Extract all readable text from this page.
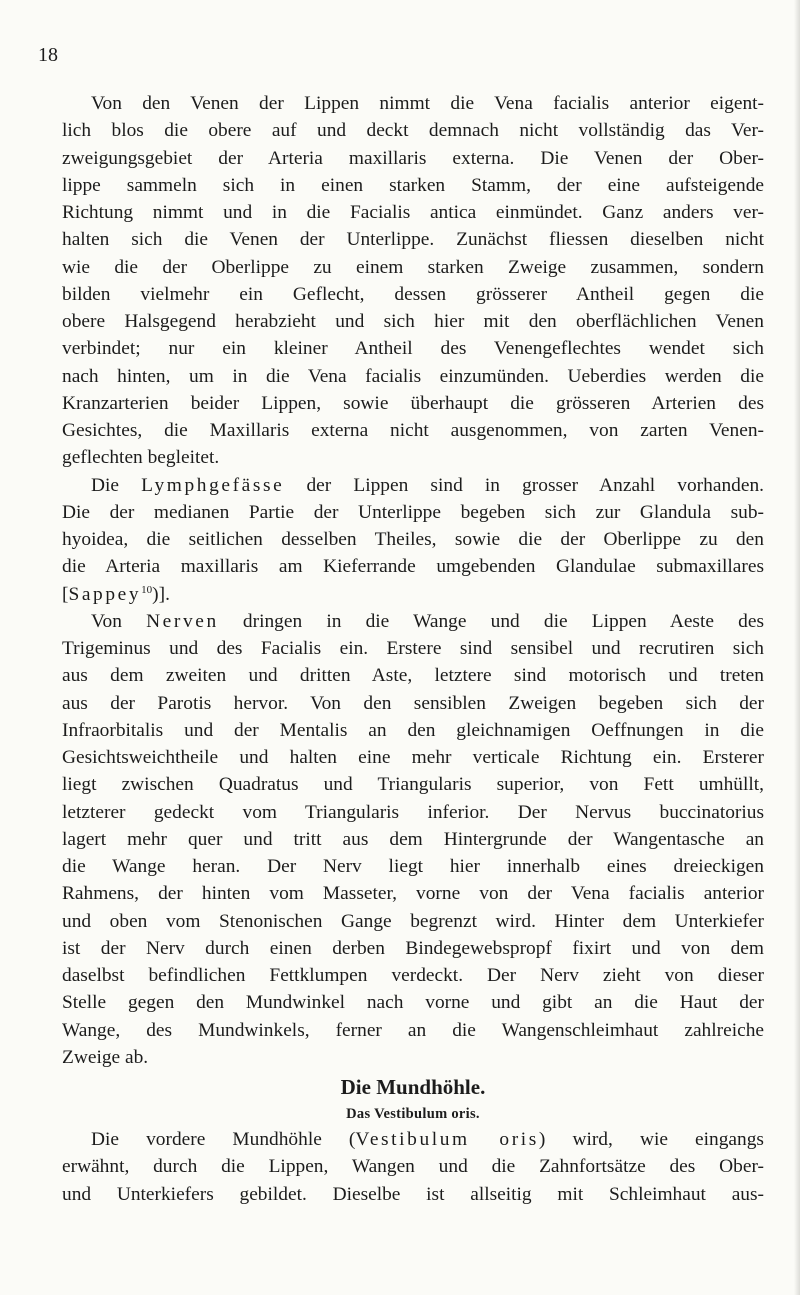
18
Von den Venen der Lippen nimmt die Vena facialis anterior eigent-
lich blos die obere auf und deckt demnach nicht vollständig das Ver-
zweigungsgebiet der Arteria maxillaris externa. Die Venen der Ober-
lippe sammeln sich in einen starken Stamm, der eine aufsteigende
Richtung nimmt und in die Facialis antica einmündet. Ganz anders ver-
halten sich die Venen der Unterlippe. Zunächst fliessen dieselben nicht
wie die der Oberlippe zu einem starken Zweige zusammen, sondern
bilden vielmehr ein Geflecht, dessen grösserer Antheil gegen die
obere Halsgegend herabzieht und sich hier mit den oberflächlichen Venen
verbindet; nur ein kleiner Antheil des Venengeflechtes wendet sich
nach hinten, um in die Vena facialis einzumünden. Ueberdies werden die
Kranzarterien beider Lippen, sowie überhaupt die grösseren Arterien des
Gesichtes, die Maxillaris externa nicht ausgenommen, von zarten Venen-
geflechten begleitet.
Die Lymphgefässe der Lippen sind in grosser Anzahl vorhanden.
Die der medianen Partie der Unterlippe begeben sich zur Glandula sub-
hyoidea, die seitlichen desselben Theiles, sowie die der Oberlippe zu den
die Arteria maxillaris am Kieferrande umgebenden Glandulae submaxillares
[Sappey$^{10}$)].
Von Nerven dringen in die Wange und die Lippen Aeste des
Trigeminus und des Facialis ein. Erstere sind sensibel und recrutiren sich
aus dem zweiten und dritten Aste, letztere sind motorisch und treten
aus der Parotis hervor. Von den sensiblen Zweigen begeben sich der
Infraorbitalis und der Mentalis an den gleichnamigen Oeffnungen in die
Gesichtsweichtheile und halten eine mehr verticale Richtung ein. Ersterer
liegt zwischen Quadratus und Triangularis superior, von Fett umhüllt,
letzterer gedeckt vom Triangularis inferior. Der Nervus buccinatorius
lagert mehr quer und tritt aus dem Hintergrunde der Wangentasche an
die Wange heran. Der Nerv liegt hier innerhalb eines dreieckigen
Rahmens, der hinten vom Masseter, vorne von der Vena facialis anterior
und oben vom Stenonischen Gange begrenzt wird. Hinter dem Unterkiefer
ist der Nerv durch einen derben Bindegewebspropf fixirt und von dem
daselbst befindlichen Fettklumpen verdeckt. Der Nerv zieht von dieser
Stelle gegen den Mundwinkel nach vorne und gibt an die Haut der
Wange, des Mundwinkels, ferner an die Wangenschleimhaut zahlreiche
Zweige ab.
Die Mundhöhle.
Das Vestibulum oris.
Die vordere Mundhöhle (Vestibulum oris) wird, wie eingangs
erwähnt, durch die Lippen, Wangen und die Zahnfortsätze des Ober-
und Unterkiefers gebildet. Dieselbe ist allseitig mit Schleimhaut aus-
